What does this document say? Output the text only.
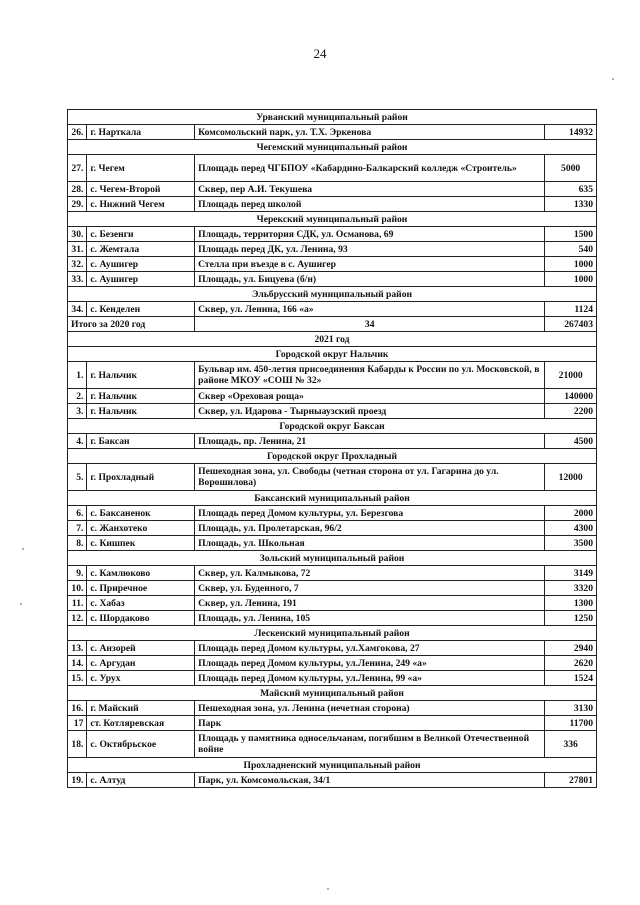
24
Урванский муниципальный район			
26.	г. Нарткала	Комсомольский парк, ул. Т.Х. Эркенова	14932
Чегемский муниципальный район			
27.	г. Чегем	Площадь перед ЧГБПОУ «Кабардино-Балкарский колледж «Строитель»	5000
28.	с. Чегем-Второй	Сквер, пер А.И. Текушева	635
29.	с. Нижний Чегем	Площадь перед школой	1330
Черекский муниципальный район			
30.	с. Безенги	Площадь, территория СДК, ул. Османова, 69	1500
31.	с. Жемтала	Площадь перед ДК, ул. Ленина, 93	540
32.	с. Аушигер	Стелла при въезде в с. Аушигер	1000
33.	с. Аушигер	Площадь, ул. Бицуева (б/н)	1000
Эльбрусский муниципальный район			
34.	с. Кенделен	Сквер, ул. Ленина, 166 «а»	1124
Итого за 2020 год		34	267403
2021 год			
Городской округ Нальчик			
1.	г. Нальчик	Бульвар им. 450-летия присоединения Кабарды к России по ул. Московской, в районе МКОУ «СОШ № 32»	21000
2.	г. Нальчик	Сквер «Ореховая роща»	140000
3.	г. Нальчик	Сквер, ул. Идарова - Тырныаузский проезд	2200
Городской округ Баксан			
4.	г. Баксан	Площадь, пр. Ленина, 21	4500
Городской округ Прохладный			
5.	г. Прохладный	Пешеходная зона, ул. Свободы (четная сторона от ул. Гагарина до ул. Ворошилова)	12000
Баксанский муниципальный район			
6.	с. Баксаненок	Площадь перед Домом культуры, ул. Березгова	2000
7.	с. Жанхотеко	Площадь, ул. Пролетарская, 96/2	4300
8.	с. Кишпек	Площадь, ул. Школьная	3500
Зольский муниципальный район			
9.	с. Камлюково	Сквер, ул. Калмыкова, 72	3149
10.	с. Приречное	Сквер, ул. Буденного, 7	3320
11.	с. Хабаз	Сквер, ул. Ленина, 191	1300
12.	с. Шордаково	Площадь, ул. Ленина, 105	1250
Лескенский муниципальный район			
13.	с. Анзорей	Площадь перед Домом культуры, ул.Хамгокова, 27	2940
14.	с. Аргудан	Площадь перед Домом культуры, ул.Ленина, 249 «а»	2620
15.	с. Урух	Площадь перед Домом культуры, ул.Ленина, 99 «а»	1524
Майский муниципальный район			
16.	г. Майский	Пешеходная зона, ул. Ленина (нечетная сторона)	3130
17	ст. Котляревская	Парк	11700
18.	с. Октябрьское	Площадь у памятника односельчанам, погибшим в Великой Отечественной войне	336
Прохладненский муниципальный район			
19.	с. Алтуд	Парк, ул. Комсомольская, 34/1	27801
